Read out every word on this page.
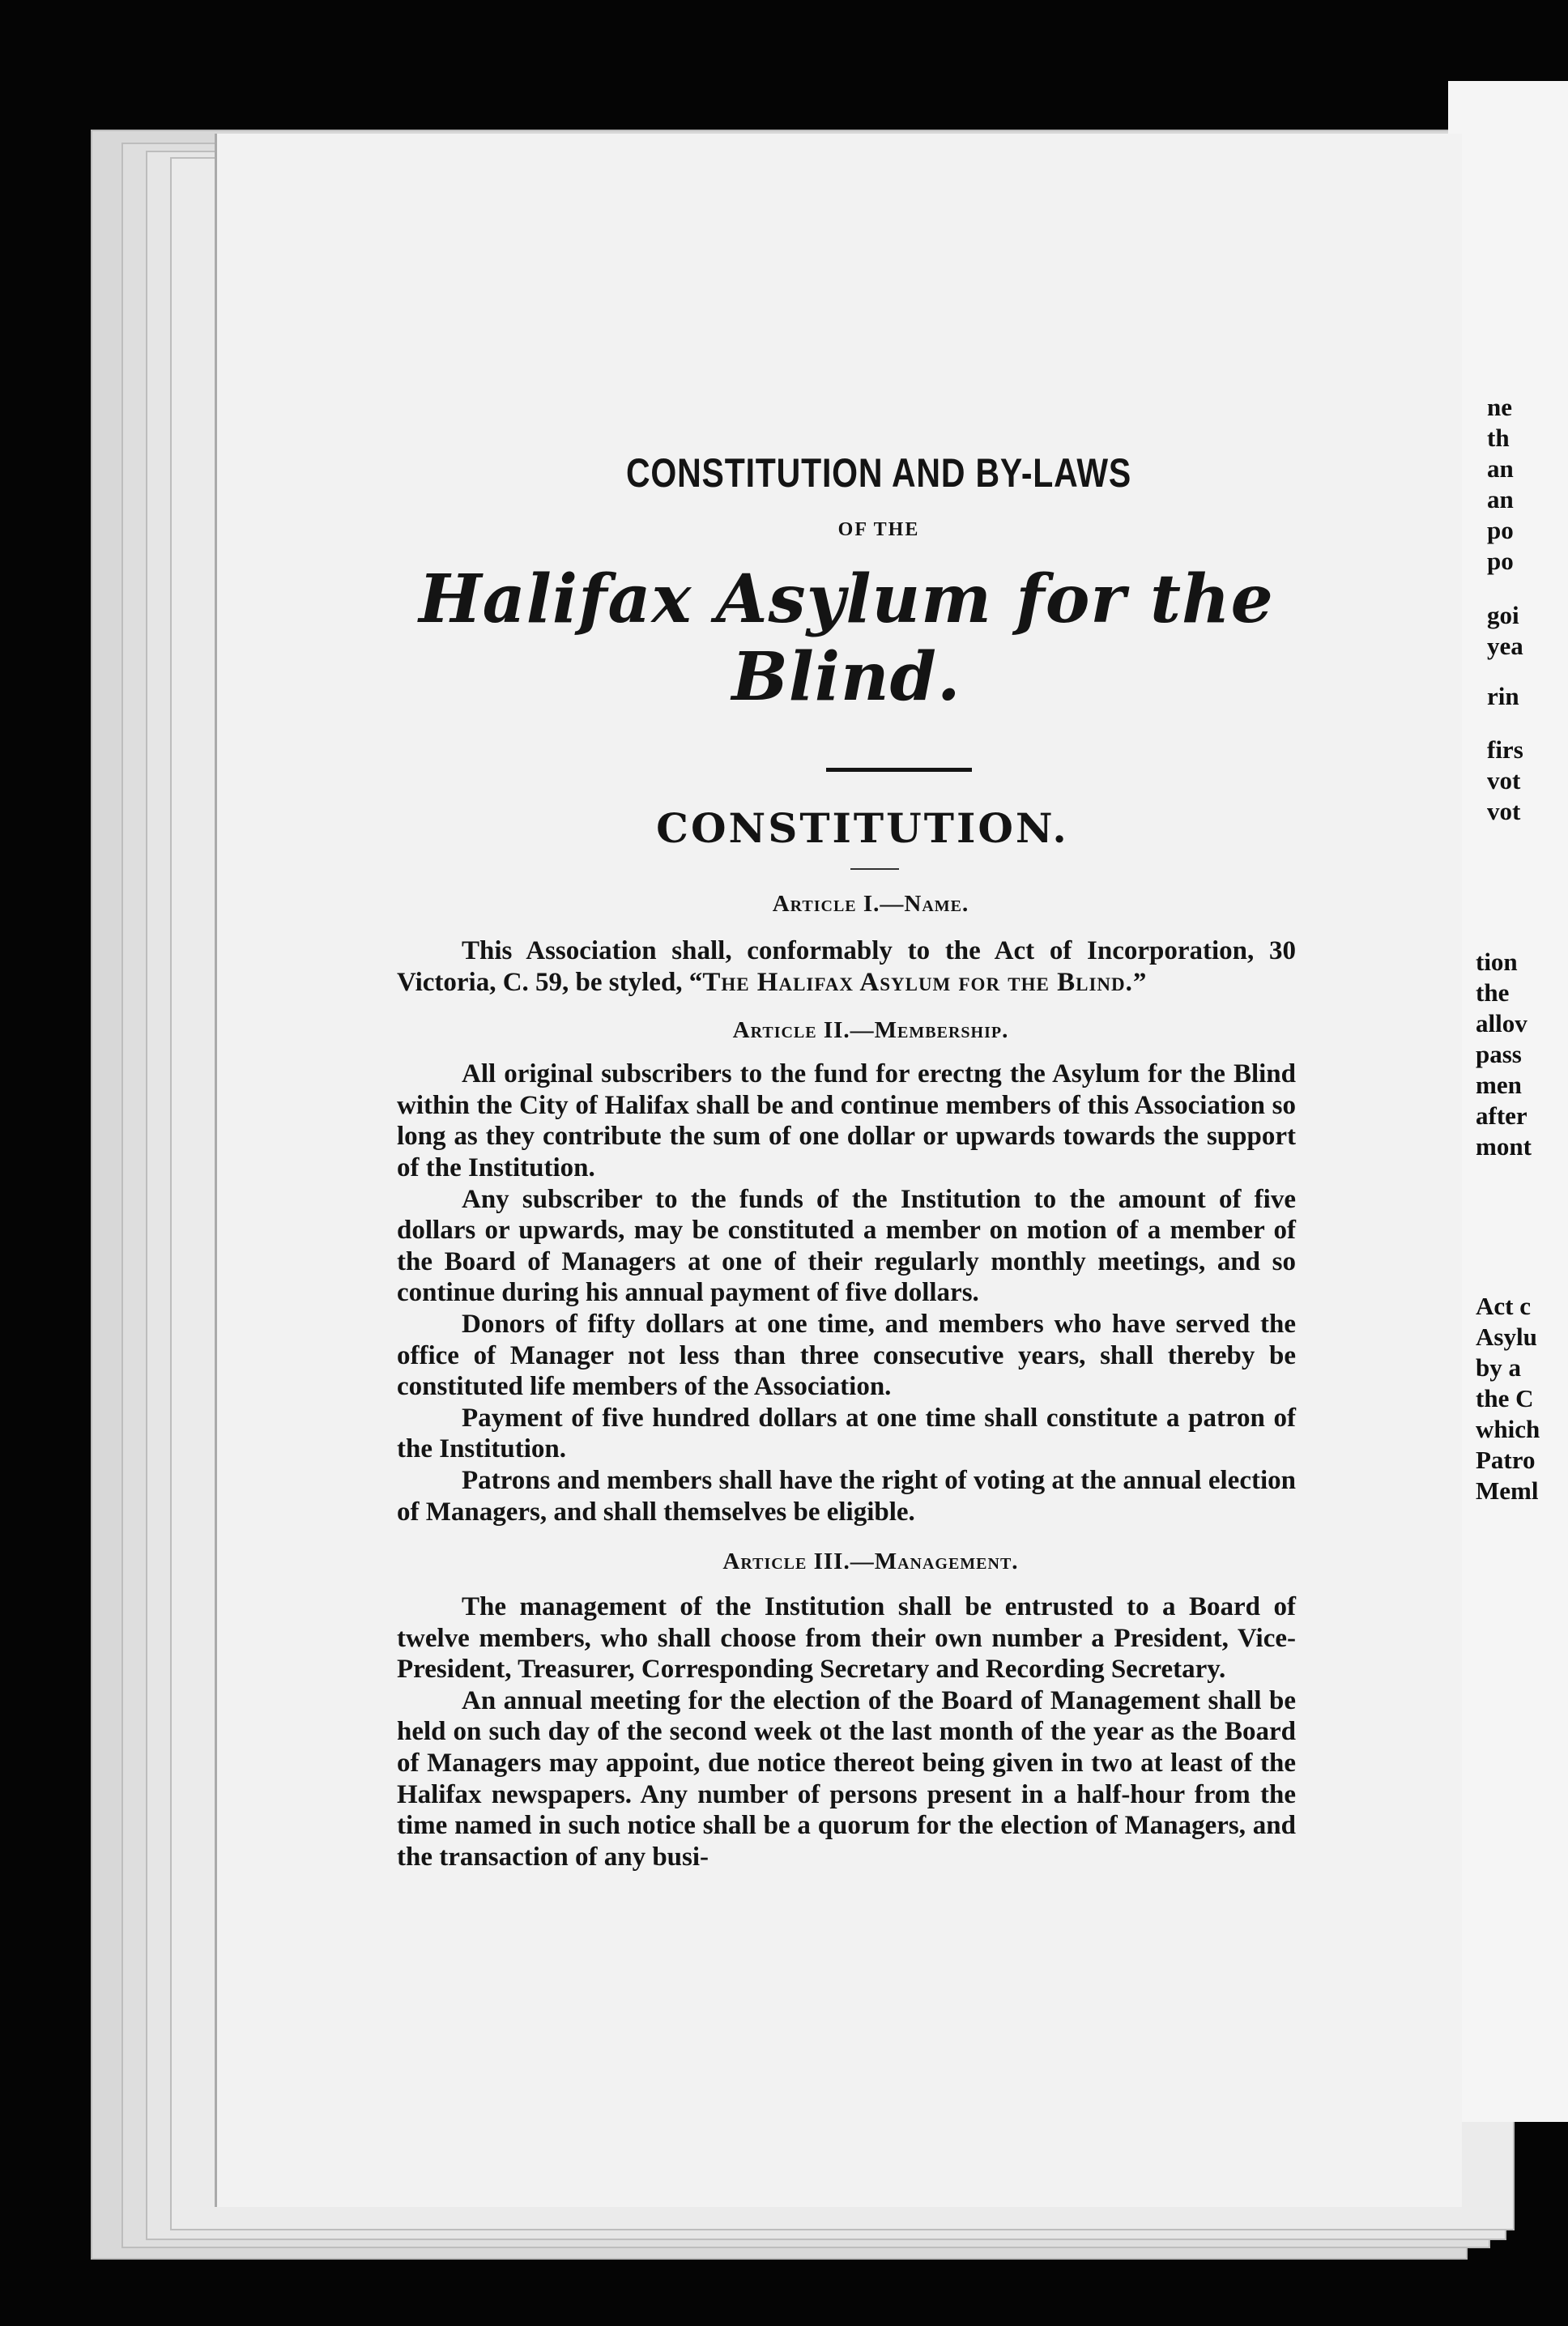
ne
th
an
an
po
po
goi
yea
rin
firs
vot
vot
tion
the
allov
pass
men
after
mont
Act c
Asylu
by a
the C
which
Patro
Meml
CONSTITUTION AND BY-LAWS
OF THE
Halifax Asylum for the Blind.
CONSTITUTION.
Article I.—Name.

This Association shall, conformably to the Act of Incorporation, 30 Victoria, C. 59, be styled, “The Halifax Asylum for the Blind.”

Article II.—Membership.

All original subscribers to the fund for erectng the Asylum for the Blind within the City of Halifax shall be and continue members of this Association so long as they contribute the sum of one dollar or upwards towards the support of the Institution.

Any subscriber to the funds of the Institution to the amount of five dollars or upwards, may be constituted a member on motion of a member of the Board of Managers at one of their regularly monthly meetings, and so continue during his annual payment of five dollars.

Donors of fifty dollars at one time, and members who have served the office of Manager not less than three consecutive years, shall thereby be constituted life members of the Association.

Payment of five hundred dollars at one time shall constitute a patron of the Institution.

Patrons and members shall have the right of voting at the annual election of Managers, and shall themselves be eligible.

Article III.—Management.

The management of the Institution shall be entrusted to a Board of twelve members, who shall choose from their own number a President, Vice-President, Treasurer, Corresponding Secretary and Recording Secretary.

An annual meeting for the election of the Board of Management shall be held on such day of the second week ot the last month of the year as the Board of Managers may appoint, due notice thereot being given in two at least of the Halifax newspapers. Any number of persons present in a half-hour from the time named in such notice shall be a quorum for the election of Managers, and the transaction of any busi-
